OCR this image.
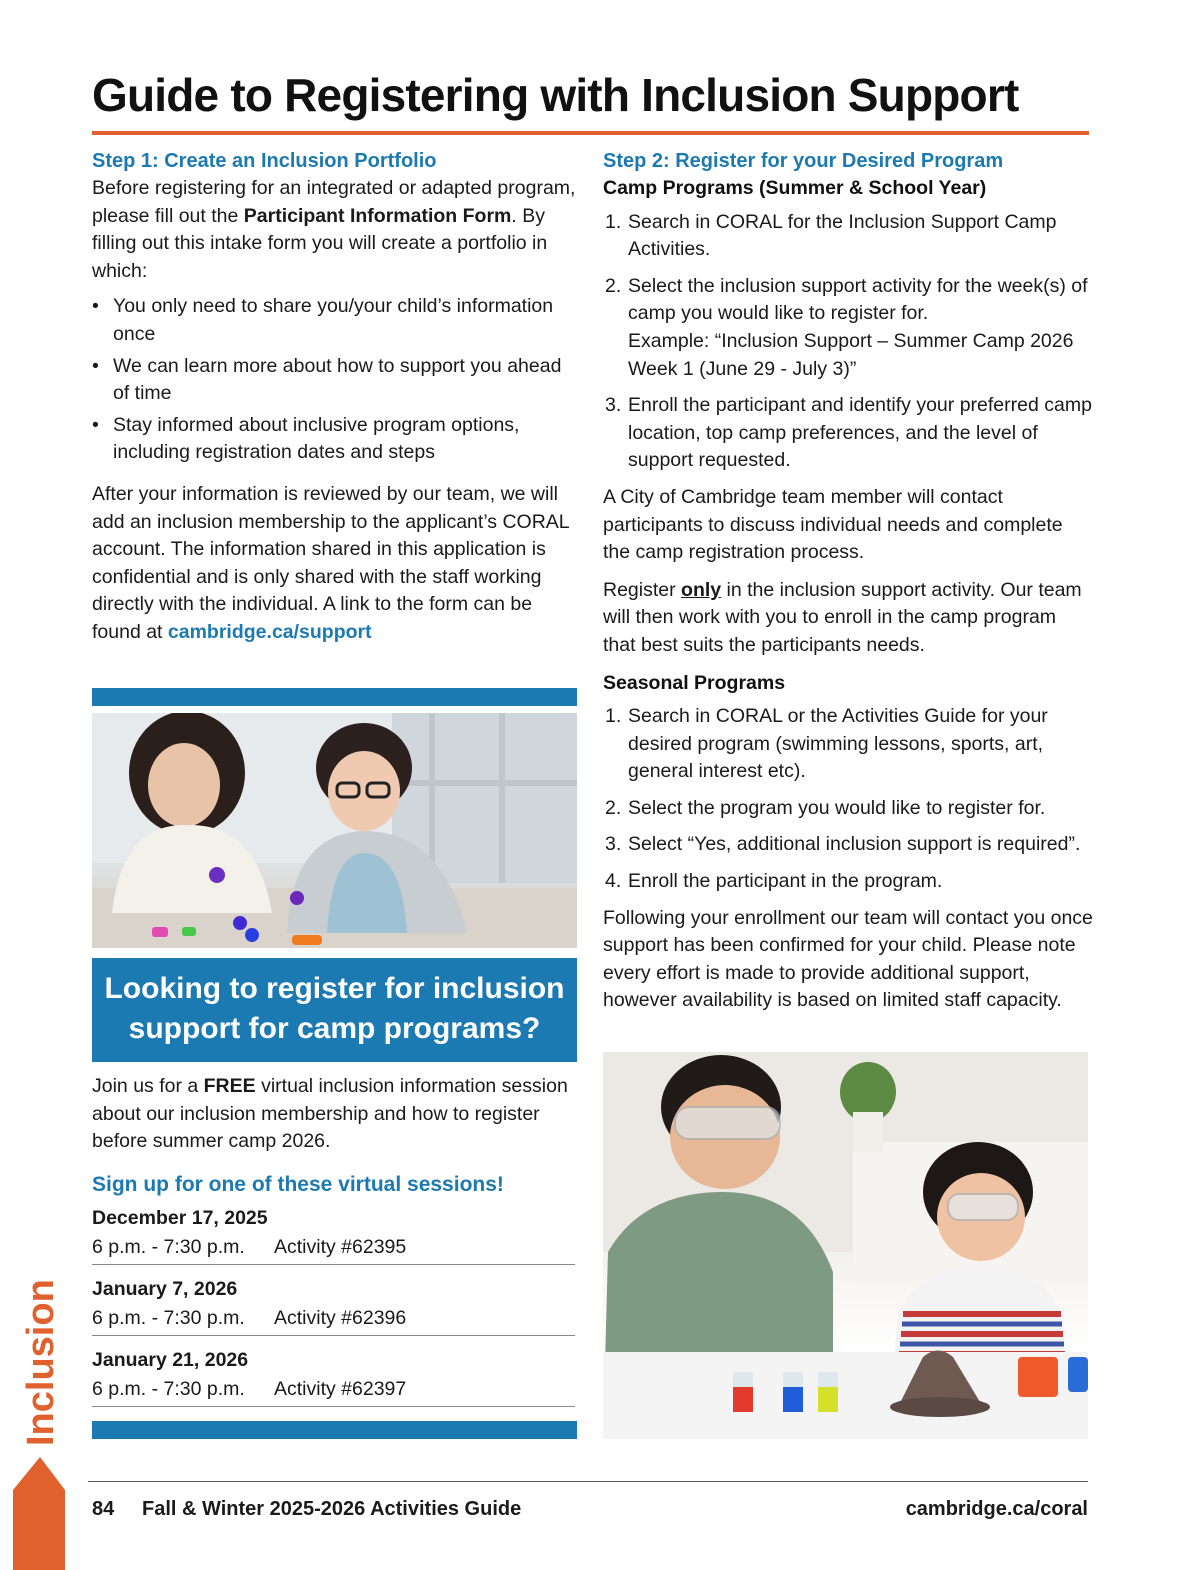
Guide to Registering with Inclusion Support
Step 1: Create an Inclusion Portfolio

Before registering for an integrated or adapted program, please fill out the Participant Information Form. By filling out this intake form you will create a portfolio in which:

• You only need to share you/your child’s information once
• We can learn more about how to support you ahead of time
• Stay informed about inclusive program options, including registration dates and steps

After your information is reviewed by our team, we will add an inclusion membership to the applicant’s CORAL account. The information shared in this application is confidential and is only shared with the staff working directly with the individual. A link to the form can be found at cambridge.ca/support

Looking to register for inclusion
support for camp programs?

Join us for a FREE virtual inclusion information session about our inclusion membership and how to register before summer camp 2026.

Sign up for one of these virtual sessions!
December 17, 2025
6 p.m. - 7:30 p.m. Activity #62395
January 7, 2026
6 p.m. - 7:30 p.m. Activity #62396
January 21, 2026
6 p.m. - 7:30 p.m. Activity #62397
Step 2: Register for your Desired Program
Camp Programs (Summer & School Year)
1. Search in CORAL for the Inclusion Support Camp Activities.
2. Select the inclusion support activity for the week(s) of camp you would like to register for.
Example: “Inclusion Support – Summer Camp 2026 Week 1 (June 29 - July 3)”
3. Enroll the participant and identify your preferred camp location, top camp preferences, and the level of support requested.

A City of Cambridge team member will contact participants to discuss individual needs and complete the camp registration process.

Register only in the inclusion support activity. Our team will then work with you to enroll in the camp program that best suits the participants needs.

Seasonal Programs
1. Search in CORAL or the Activities Guide for your desired program (swimming lessons, sports, art, general interest etc).
2. Select the program you would like to register for.
3. Select “Yes, additional inclusion support is required”.
4. Enroll the participant in the program.

Following your enrollment our team will contact you once support has been confirmed for your child. Please note every effort is made to provide additional support, however availability is based on limited staff capacity.

Inclusion
84 Fall & Winter 2025-2026 Activities Guide	cambridge.ca/coral
